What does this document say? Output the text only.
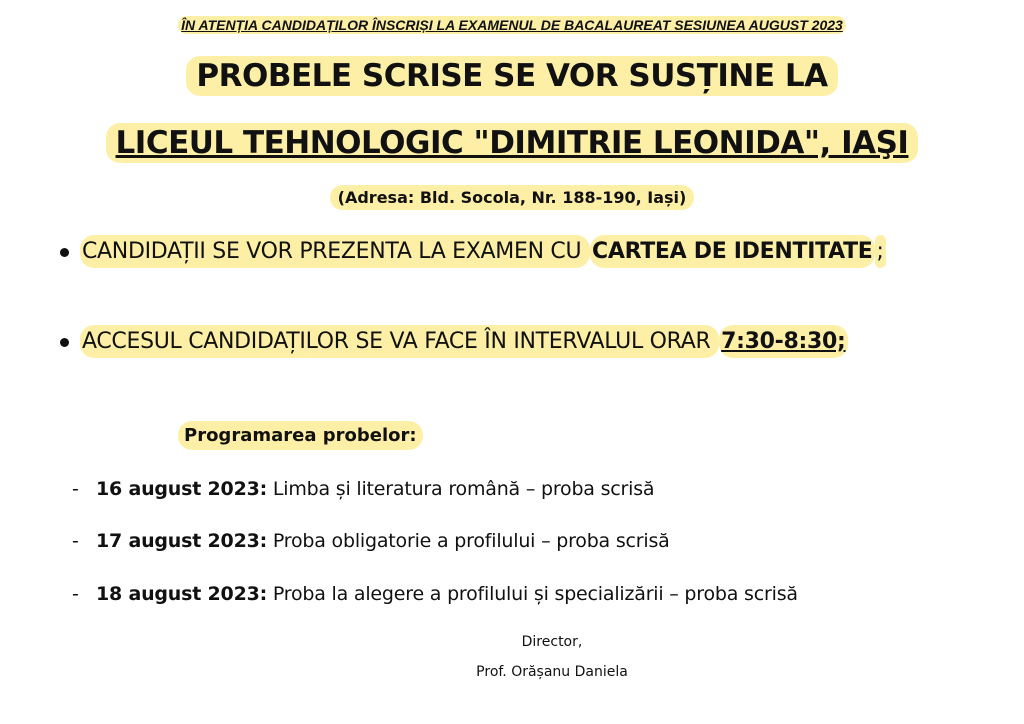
ÎN ATENȚIA CANDIDAȚILOR ÎNSCRIȘI LA EXAMENUL DE BACALAUREAT SESIUNEA AUGUST 2023
PROBELE SCRISE SE VOR SUSȚINE LA
LICEUL TEHNOLOGIC "DIMITRIE LEONIDA", IAŞI
(Adresa: Bld. Socola, Nr. 188-190, Iași)
CANDIDAȚII SE VOR PREZENTA LA EXAMEN CU CARTEA DE IDENTITATE ;
ACCESUL CANDIDAȚILOR SE VA FACE ÎN INTERVALUL ORAR 7:30-8:30;
Programarea probelor:
- 16 august 2023: Limba și literatura română – proba scrisă
- 17 august 2023: Proba obligatorie a profilului – proba scrisă
- 18 august 2023: Proba la alegere a profilului și specializării – proba scrisă
Director,
Prof. Orășanu Daniela
